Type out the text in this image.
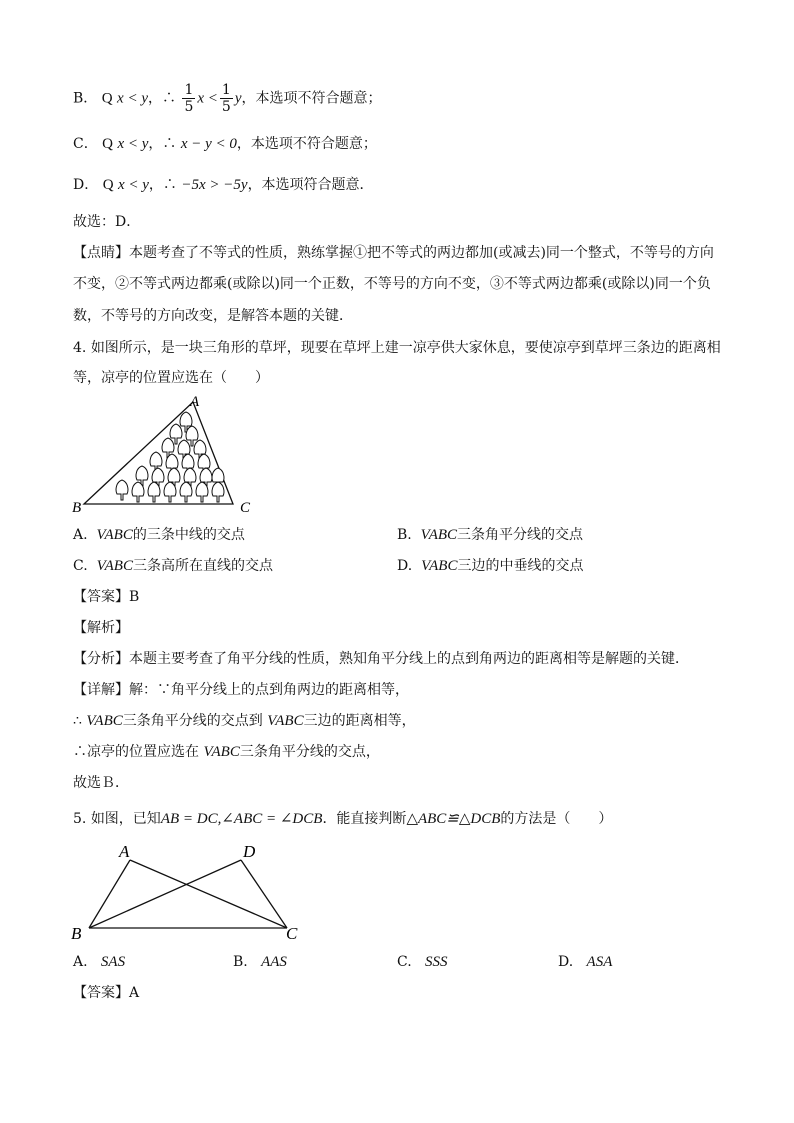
B． Q x < y，∴ $\frac{1}{5}$ $x < \frac{1}{5}$ y，本选项不符合题意；
C． Q x < y，∴ x − y < 0，本选项不符合题意；
D． Q x < y，∴ −5x > −5y，本选项符合题意．
故选：D．
【点睛】本题考查了不等式的性质，熟练掌握①把不等式的两边都加(或减去)同一个整式，不等号的方向
不变，②不等式两边都乘(或除以)同一个正数，不等号的方向不变，③不等式两边都乘(或除以)同一个负
数，不等号的方向改变，是解答本题的关键．
4. 如图所示，是一块三角形的草坪，现要在草坪上建一凉亭供大家休息，要使凉亭到草坪三条边的距离相
等，凉亭的位置应选在（　　）
A
B	C
A. VABC的三条中线的交点	B. VABC三条角平分线的交点
C. VABC三条高所在直线的交点	D. VABC三边的中垂线的交点
【答案】B
【解析】
【分析】本题主要考查了角平分线的性质，熟知角平分线上的点到角两边的距离相等是解题的关键．
【详解】解：∵角平分线上的点到角两边的距离相等，
∴ VABC三条角平分线的交点到 VABC三边的距离相等，
∴凉亭的位置应选在 VABC三条角平分线的交点，
故选Ｂ．
5. 如图，已知AB = DC,∠ABC = ∠DCB．能直接判断△ABC≌△DCB的方法是（　　）
A	D
B	C
A. SAS	B. AAS	C. SSS	D. ASA
【答案】A
